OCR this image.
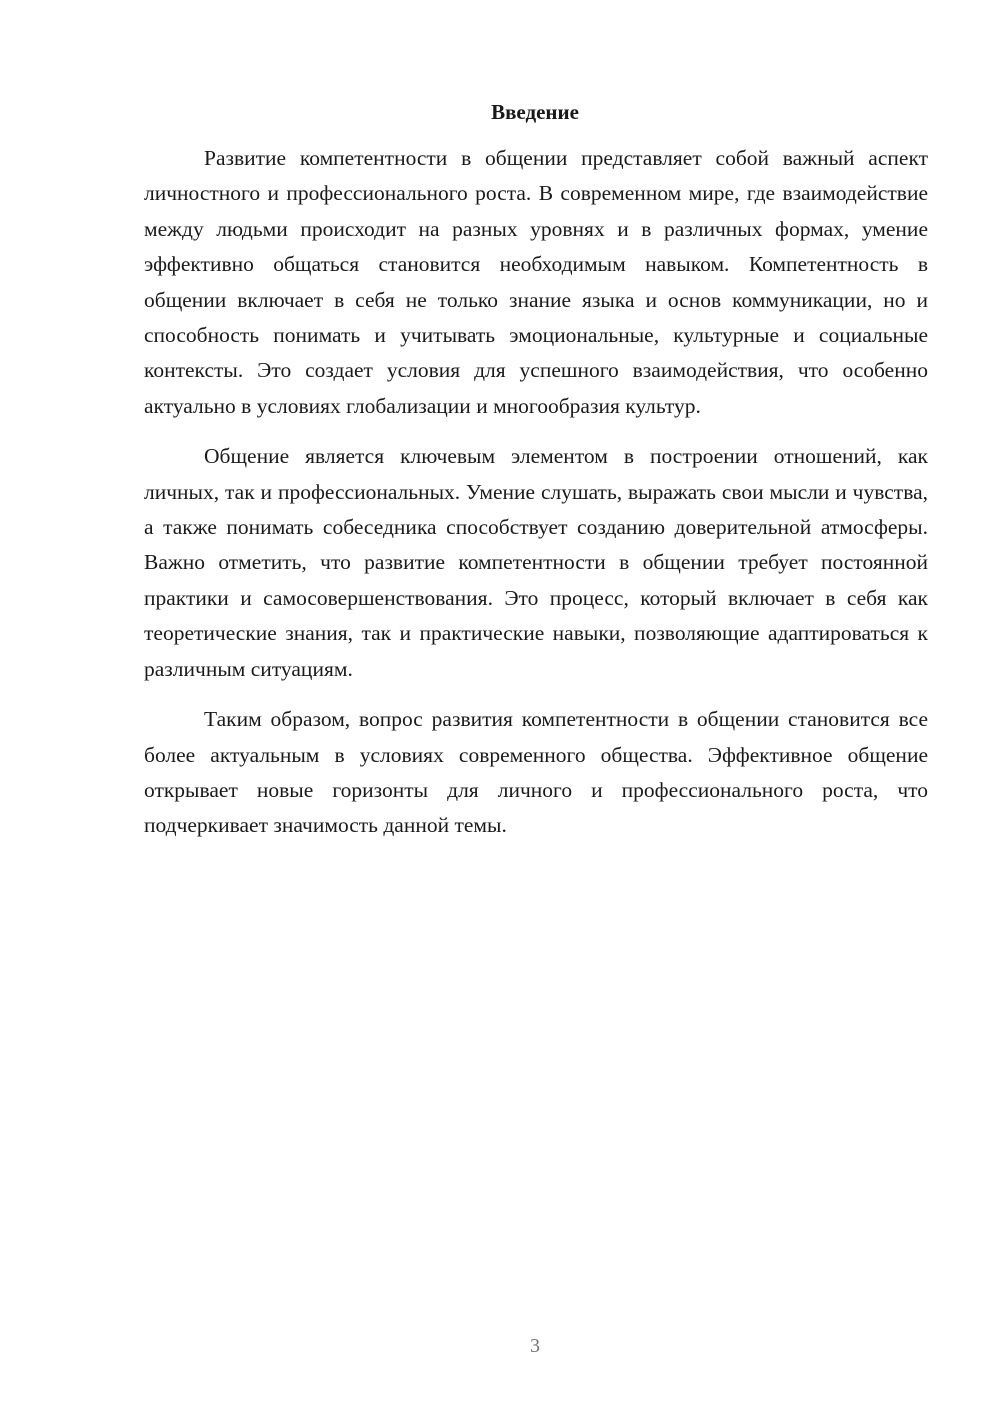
Введение

Развитие компетентности в общении представляет собой важный аспект личностного и профессионального роста. В современном мире, где взаимодействие между людьми происходит на разных уровнях и в различных формах, умение эффективно общаться становится необходимым навыком. Компетентность в общении включает в себя не только знание языка и основ коммуникации, но и способность понимать и учитывать эмоциональные, культурные и социальные контексты. Это создает условия для успешного взаимодействия, что особенно актуально в условиях глобализации и многообразия культур.

Общение является ключевым элементом в построении отношений, как личных, так и профессиональных. Умение слушать, выражать свои мысли и чувства, а также понимать собеседника способствует созданию доверительной атмосферы. Важно отметить, что развитие компетентности в общении требует постоянной практики и самосовершенствования. Это процесс, который включает в себя как теоретические знания, так и практические навыки, позволяющие адаптироваться к различным ситуациям.

Таким образом, вопрос развития компетентности в общении становится все более актуальным в условиях современного общества. Эффективное общение открывает новые горизонты для личного и профессионального роста, что подчеркивает значимость данной темы.

3
